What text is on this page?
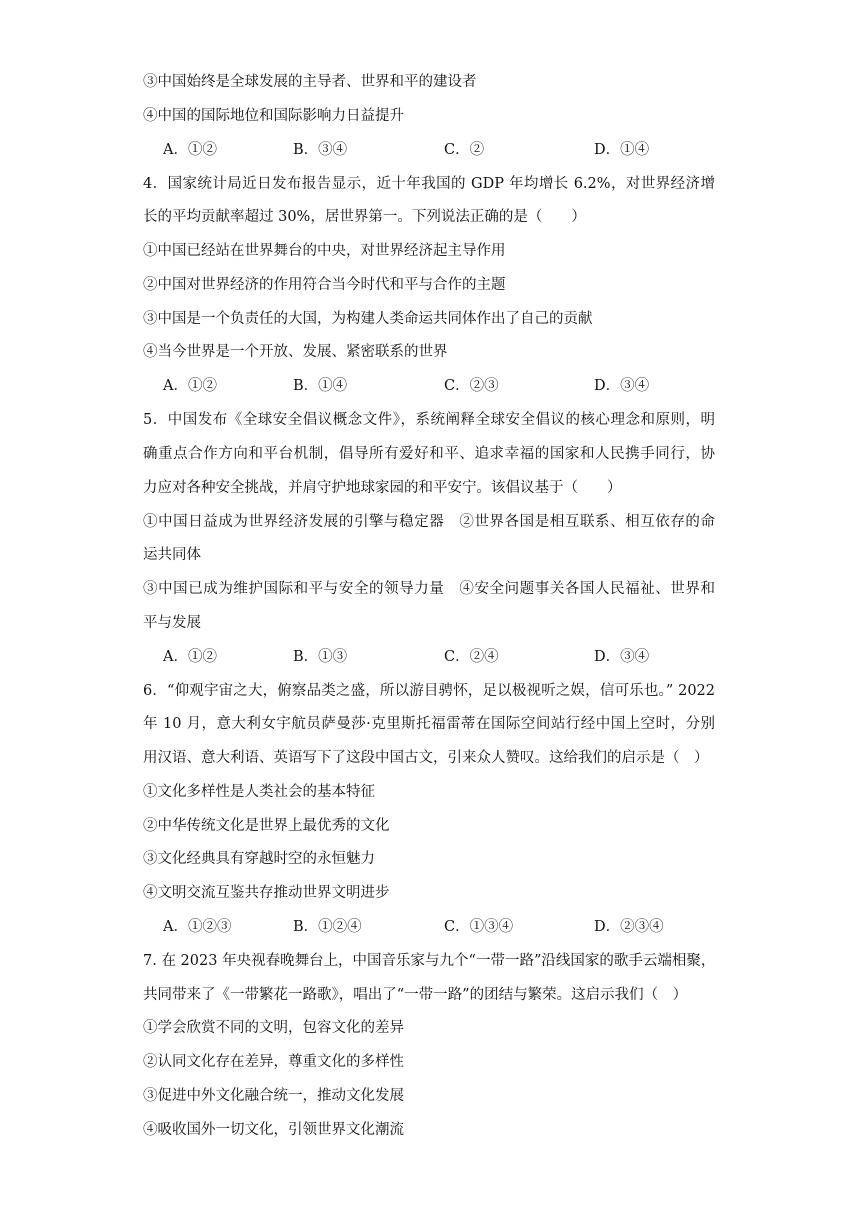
③中国始终是全球发展的主导者、世界和平的建设者
④中国的国际地位和国际影响力日益提升
A．①②	B．③④	C．②	D．①④
4．国家统计局近日发布报告显示，近十年我国的 GDP 年均增长 6.2%，对世界经济增
长的平均贡献率超过 30%，居世界第一。下列说法正确的是（　　）
①中国已经站在世界舞台的中央，对世界经济起主导作用
②中国对世界经济的作用符合当今时代和平与合作的主题
③中国是一个负责任的大国，为构建人类命运共同体作出了自己的贡献
④当今世界是一个开放、发展、紧密联系的世界
A．①②	B．①④	C．②③	D．③④
5．中国发布《全球安全倡议概念文件》，系统阐释全球安全倡议的核心理念和原则，明
确重点合作方向和平台机制，倡导所有爱好和平、追求幸福的国家和人民携手同行，协
力应对各种安全挑战，并肩守护地球家园的和平安宁。该倡议基于（　　）
①中国日益成为世界经济发展的引擎与稳定器　②世界各国是相互联系、相互依存的命
运共同体
③中国已成为维护国际和平与安全的领导力量　④安全问题事关各国人民福祉、世界和
平与发展
A．①②	B．①③	C．②④	D．③④
6．“仰观宇宙之大，俯察品类之盛，所以游目骋怀，足以极视听之娱，信可乐也。” 2022
年 10 月，意大利女宇航员萨曼莎·克里斯托福雷蒂在国际空间站行经中国上空时，分别
用汉语、意大利语、英语写下了这段中国古文，引来众人赞叹。这给我们的启示是（　）
①文化多样性是人类社会的基本特征
②中华传统文化是世界上最优秀的文化
③文化经典具有穿越时空的永恒魅力
④文明交流互鉴共存推动世界文明进步
A．①②③	B．①②④	C．①③④	D．②③④
7. 在 2023 年央视春晚舞台上，中国音乐家与九个“一带一路”沿线国家的歌手云端相聚，
共同带来了《一带繁花一路歌》，唱出了“一带一路”的团结与繁荣。这启示我们（　）
①学会欣赏不同的文明，包容文化的差异
②认同文化存在差异，尊重文化的多样性
③促进中外文化融合统一，推动文化发展
④吸收国外一切文化，引领世界文化潮流
